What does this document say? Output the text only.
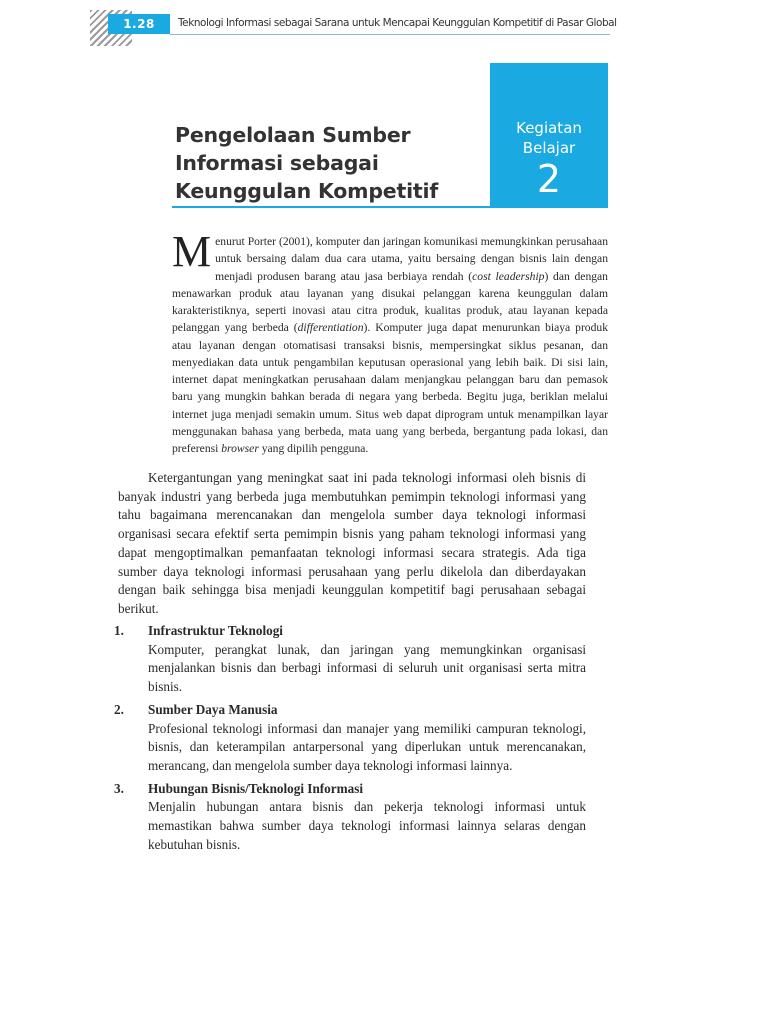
1.28	Teknologi Informasi sebagai Sarana untuk Mencapai Keunggulan Kompetitif di Pasar Global
Pengelolaan Sumber
Informasi sebagai
Keunggulan Kompetitif
Kegiatan
Belajar
2
Menurut Porter (2001), komputer dan jaringan komunikasi memungkinkan perusahaan untuk bersaing dalam dua cara utama, yaitu bersaing dengan bisnis lain dengan menjadi produsen barang atau jasa berbiaya rendah (cost leadership) dan dengan menawarkan produk atau layanan yang disukai pelanggan karena keunggulan dalam karakteristiknya, seperti inovasi atau citra produk, kualitas produk, atau layanan kepada pelanggan yang berbeda (differentiation). Komputer juga dapat menurunkan biaya produk atau layanan dengan otomatisasi transaksi bisnis, mempersingkat siklus pesanan, dan menyediakan data untuk pengambilan keputusan operasional yang lebih baik. Di sisi lain, internet dapat meningkatkan perusahaan dalam menjangkau pelanggan baru dan pemasok baru yang mungkin bahkan berada di negara yang berbeda. Begitu juga, beriklan melalui internet juga menjadi semakin umum. Situs web dapat diprogram untuk menampilkan layar menggunakan bahasa yang berbeda, mata uang yang berbeda, bergantung pada lokasi, dan preferensi browser yang dipilih pengguna.
Ketergantungan yang meningkat saat ini pada teknologi informasi oleh bisnis di banyak industri yang berbeda juga membutuhkan pemimpin teknologi informasi yang tahu bagaimana merencanakan dan mengelola sumber daya teknologi informasi organisasi secara efektif serta pemimpin bisnis yang paham teknologi informasi yang dapat mengoptimalkan pemanfaatan teknologi informasi secara strategis. Ada tiga sumber daya teknologi informasi perusahaan yang perlu dikelola dan diberdayakan dengan baik sehingga bisa menjadi keunggulan kompetitif bagi perusahaan sebagai berikut.
1. Infrastruktur Teknologi
Komputer, perangkat lunak, dan jaringan yang memungkinkan organisasi menjalankan bisnis dan berbagi informasi di seluruh unit organisasi serta mitra bisnis.
2. Sumber Daya Manusia
Profesional teknologi informasi dan manajer yang memiliki campuran teknologi, bisnis, dan keterampilan antarpersonal yang diperlukan untuk merencanakan, merancang, dan mengelola sumber daya teknologi informasi lainnya.
3. Hubungan Bisnis/Teknologi Informasi
Menjalin hubungan antara bisnis dan pekerja teknologi informasi untuk memastikan bahwa sumber daya teknologi informasi lainnya selaras dengan kebutuhan bisnis.
